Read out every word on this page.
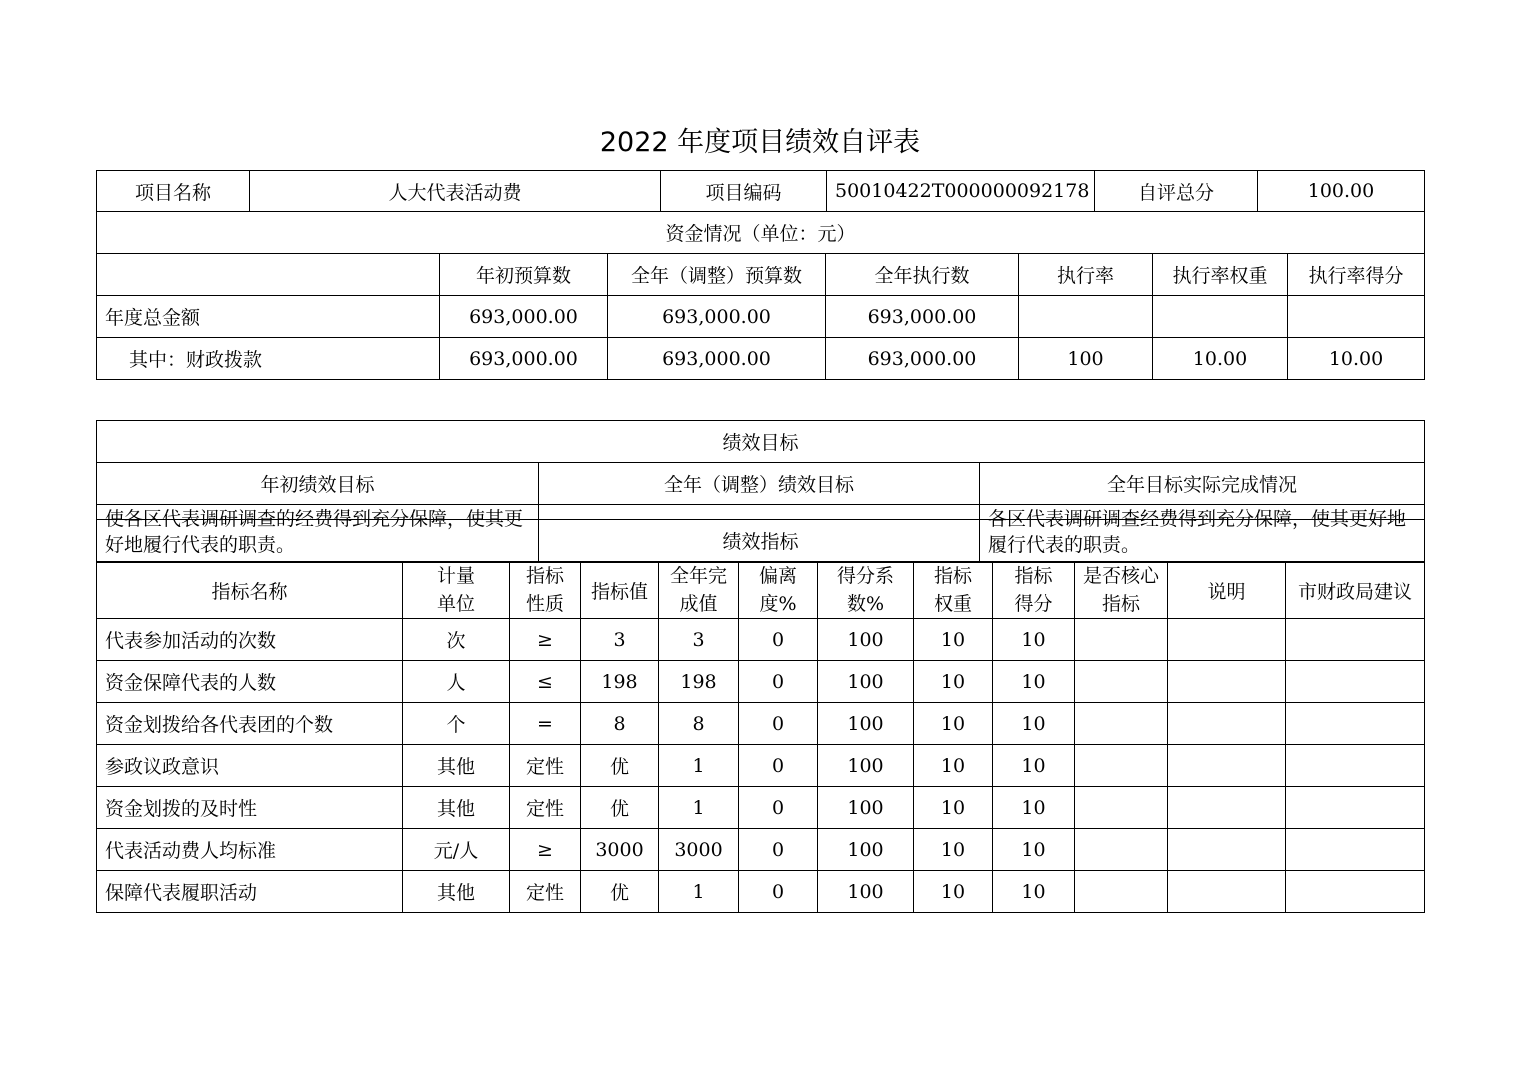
2022 年度项目绩效自评表
项目名称	人大代表活动费	项目编码	50010422T000000092178	自评总分	100.00
资金情况（单位：元）						
	年初预算数	全年（调整）预算数	全年执行数	执行率	执行率权重	执行率得分
年度总金额	693,000.00	693,000.00	693,000.00			
其中：财政拨款	693,000.00	693,000.00	693,000.00	100	10.00	10.00
绩效目标		
年初绩效目标	全年（调整）绩效目标	全年目标实际完成情况
使各区代表调研调查的经费得到充分保障，使其更好地履行代表的职责。		各区代表调研调查经费得到充分保障，使其更好地履行代表的职责。
绩效指标											
指标名称	计量单位	指标性质	指标值	全年完成值	偏离度%	得分系数%	指标权重	指标得分	是否核心指标	说明	市财政局建议
代表参加活动的次数	次	≥	3	3	0	100	10	10			
资金保障代表的人数	人	≤	198	198	0	100	10	10			
资金划拨给各代表团的个数	个	=	8	8	0	100	10	10			
参政议政意识	其他	定性	优	1	0	100	10	10			
资金划拨的及时性	其他	定性	优	1	0	100	10	10			
代表活动费人均标准	元/人	≥	3000	3000	0	100	10	10			
保障代表履职活动	其他	定性	优	1	0	100	10	10			
